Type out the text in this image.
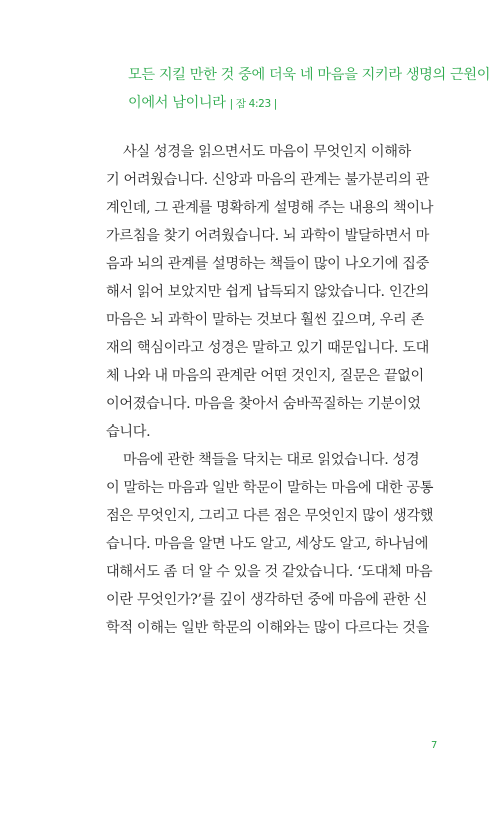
모든 지킬 만한 것 중에 더욱 네 마음을 지키라 생명의 근원이
이에서 남이니라 | 잠 4:23 |
사실 성경을 읽으면서도 마음이 무엇인지 이해하
기 어려웠습니다. 신앙과 마음의 관계는 불가분리의 관
계인데, 그 관계를 명확하게 설명해 주는 내용의 책이나
가르침을 찾기 어려웠습니다. 뇌 과학이 발달하면서 마
음과 뇌의 관계를 설명하는 책들이 많이 나오기에 집중
해서 읽어 보았지만 쉽게 납득되지 않았습니다. 인간의
마음은 뇌 과학이 말하는 것보다 훨씬 깊으며, 우리 존
재의 핵심이라고 성경은 말하고 있기 때문입니다. 도대
체 나와 내 마음의 관계란 어떤 것인지, 질문은 끝없이
이어졌습니다. 마음을 찾아서 숨바꼭질하는 기분이었
습니다.
마음에 관한 책들을 닥치는 대로 읽었습니다. 성경
이 말하는 마음과 일반 학문이 말하는 마음에 대한 공통
점은 무엇인지, 그리고 다른 점은 무엇인지 많이 생각했
습니다. 마음을 알면 나도 알고, 세상도 알고, 하나님에
대해서도 좀 더 알 수 있을 것 같았습니다. ‘도대체 마음
이란 무엇인가?’를 깊이 생각하던 중에 마음에 관한 신
학적 이해는 일반 학문의 이해와는 많이 다르다는 것을
7
